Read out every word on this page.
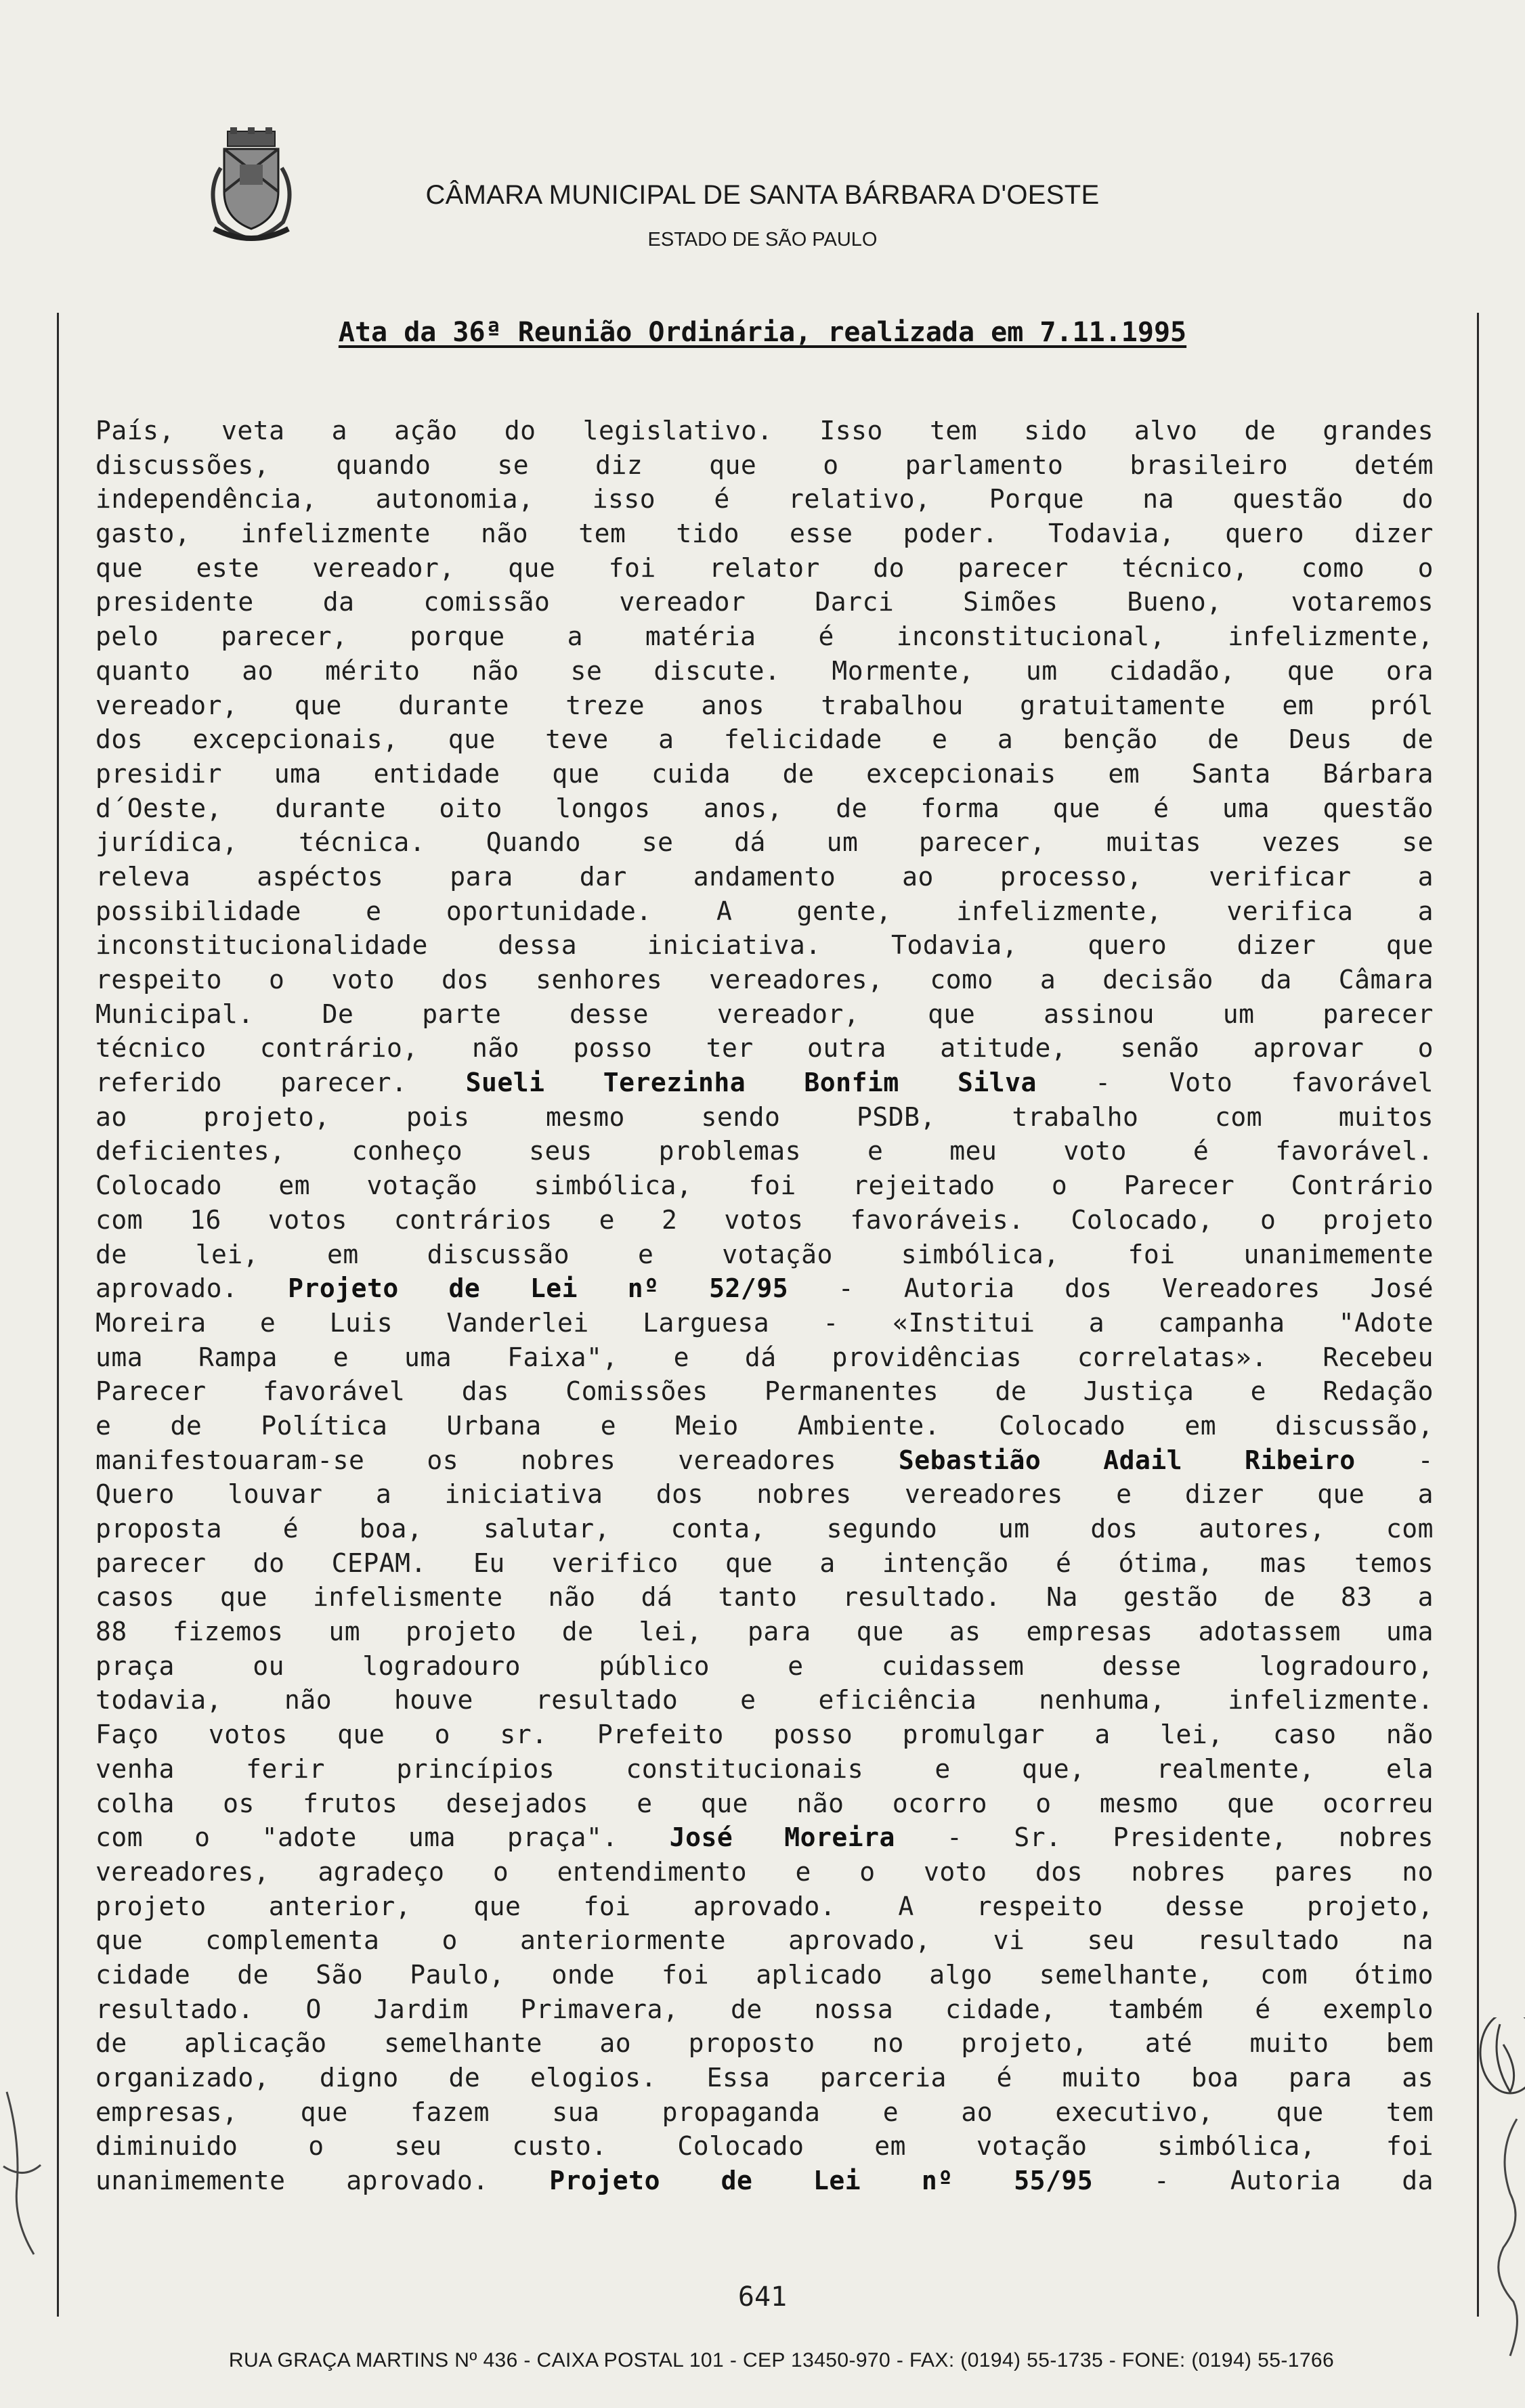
CÂMARA MUNICIPAL DE SANTA BÁRBARA D'OESTE
ESTADO DE SÃO PAULO
Ata da 36ª Reunião Ordinária, realizada em 7.11.1995
País, veta a ação do legislativo. Isso tem sido alvo de grandes
discussões, quando se diz que o parlamento brasileiro detém
independência, autonomia, isso é relativo, Porque na questão do
gasto, infelizmente não tem tido esse poder. Todavia, quero dizer
que este vereador, que foi relator do parecer técnico, como o
presidente da comissão vereador Darci Simões Bueno, votaremos
pelo parecer, porque a matéria é inconstitucional, infelizmente,
quanto ao mérito não se discute. Mormente, um cidadão, que ora
vereador, que durante treze anos trabalhou gratuitamente em pról
dos excepcionais, que teve a felicidade e a benção de Deus de
presidir uma entidade que cuida de excepcionais em Santa Bárbara
d´Oeste, durante oito longos anos, de forma que é uma questão
jurídica, técnica. Quando se dá um parecer, muitas vezes se
releva aspéctos para dar andamento ao processo, verificar a
possibilidade e oportunidade. A gente, infelizmente, verifica a
inconstitucionalidade dessa iniciativa. Todavia, quero dizer que
respeito o voto dos senhores vereadores, como a decisão da Câmara
Municipal. De parte desse vereador, que assinou um parecer
técnico contrário, não posso ter outra atitude, senão aprovar o
referido parecer. Sueli Terezinha Bonfim Silva - Voto favorável
ao projeto, pois mesmo sendo PSDB, trabalho com muitos
deficientes, conheço seus problemas e meu voto é favorável.
Colocado em votação simbólica, foi rejeitado o Parecer Contrário
com 16 votos contrários e 2 votos favoráveis. Colocado, o projeto
de lei, em discussão e votação simbólica, foi unanimemente
aprovado. Projeto de Lei nº 52/95 - Autoria dos Vereadores José
Moreira e Luis Vanderlei Larguesa - «Institui a campanha "Adote
uma Rampa e uma Faixa", e dá providências correlatas». Recebeu
Parecer favorável das Comissões Permanentes de Justiça e Redação
e de Política Urbana e Meio Ambiente. Colocado em discussão,
manifestouaram-se os nobres vereadores Sebastião Adail Ribeiro -
Quero louvar a iniciativa dos nobres vereadores e dizer que a
proposta é boa, salutar, conta, segundo um dos autores, com
parecer do CEPAM. Eu verifico que a intenção é ótima, mas temos
casos que infelismente não dá tanto resultado. Na gestão de 83 a
88 fizemos um projeto de lei, para que as empresas adotassem uma
praça ou logradouro público e cuidassem desse logradouro,
todavia, não houve resultado e eficiência nenhuma, infelizmente.
Faço votos que o sr. Prefeito posso promulgar a lei, caso não
venha ferir princípios constitucionais e que, realmente, ela
colha os frutos desejados e que não ocorro o mesmo que ocorreu
com o "adote uma praça". José Moreira - Sr. Presidente, nobres
vereadores, agradeço o entendimento e o voto dos nobres pares no
projeto anterior, que foi aprovado. A respeito desse projeto,
que complementa o anteriormente aprovado, vi seu resultado na
cidade de São Paulo, onde foi aplicado algo semelhante, com ótimo
resultado. O Jardim Primavera, de nossa cidade, também é exemplo
de aplicação semelhante ao proposto no projeto, até muito bem
organizado, digno de elogios. Essa parceria é muito boa para as
empresas, que fazem sua propaganda e ao executivo, que tem
diminuido o seu custo. Colocado em votação simbólica, foi
unanimemente aprovado. Projeto de Lei nº 55/95 - Autoria da
641
RUA GRAÇA MARTINS Nº 436 - CAIXA POSTAL 101 - CEP 13450-970 - FAX: (0194) 55-1735 - FONE: (0194) 55-1766
